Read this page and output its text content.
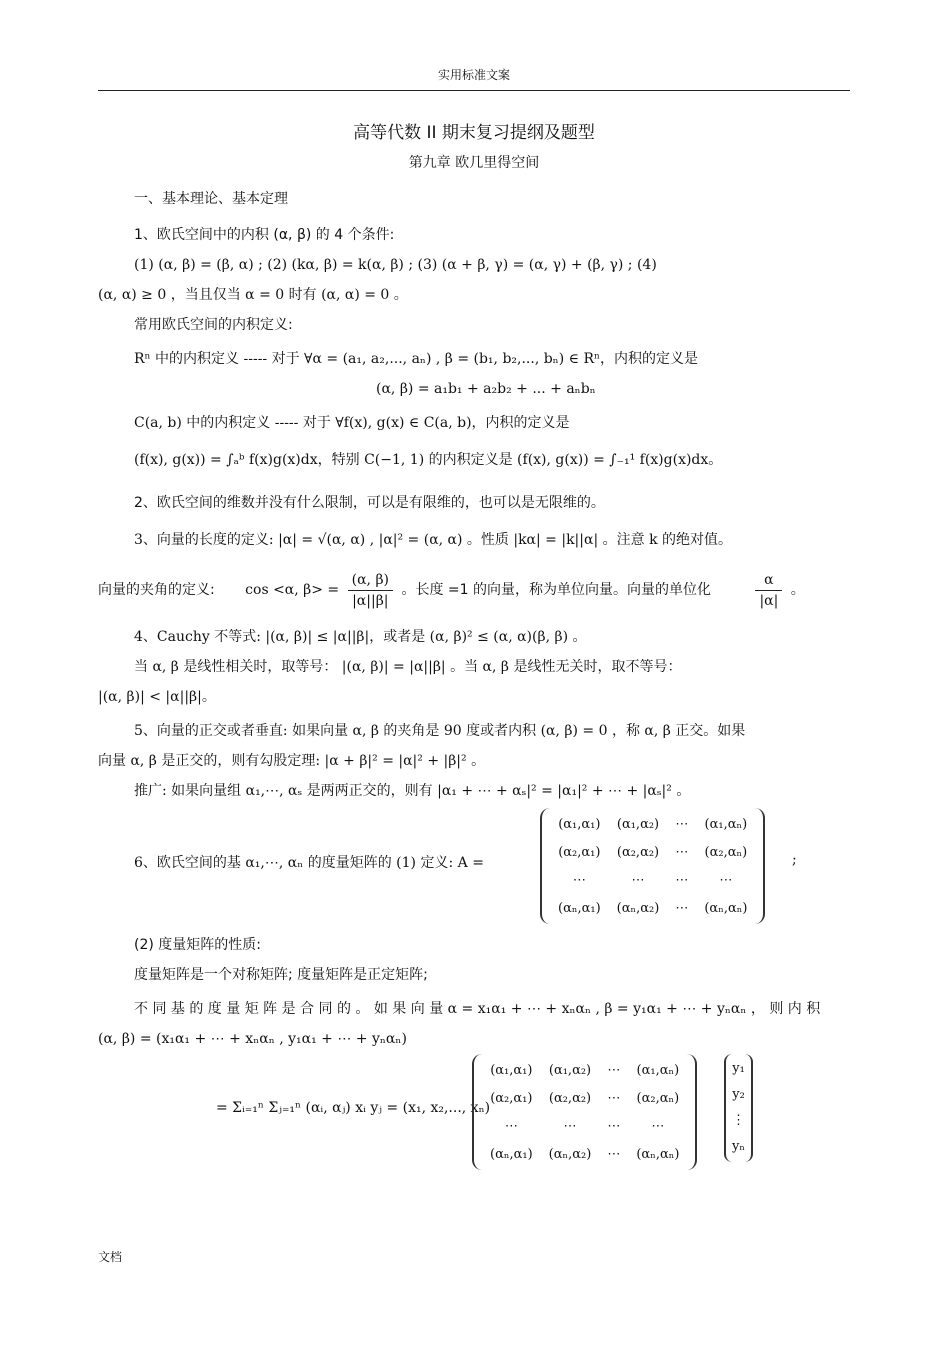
实用标准文案
高等代数 II 期末复习提纲及题型
第九章 欧几里得空间
一、基本理论、基本定理
1、欧氏空间中的内积 (α, β) 的 4 个条件:
(1) (α, β) = (β, α) ; (2) (kα, β) = k(α, β) ; (3) (α + β, γ) = (α, γ) + (β, γ) ; (4)
(α, α) ≥ 0 ，当且仅当 α = 0 时有 (α, α) = 0 。
常用欧氏空间的内积定义:
Rⁿ 中的内积定义 ----- 对于 ∀α = (a₁, a₂,..., aₙ) , β = (b₁, b₂,..., bₙ) ∈ Rⁿ，内积的定义是
(α, β) = a₁b₁ + a₂b₂ + ... + aₙbₙ
C(a, b) 中的内积定义 ----- 对于 ∀f(x), g(x) ∈ C(a, b)，内积的定义是
(f(x), g(x)) = ∫ₐᵇ f(x)g(x)dx，特别 C(−1, 1) 的内积定义是 (f(x), g(x)) = ∫₋₁¹ f(x)g(x)dx。
2、欧氏空间的维数并没有什么限制，可以是有限维的，也可以是无限维的。
3、向量的长度的定义: |α| = √(α, α) , |α|² = (α, α) 。性质 |kα| = |k||α| 。注意 k 的绝对值。
向量的夹角的定义: cos <α, $\beta> = \frac{(\alpha, \beta)}{|\alpha||\beta|}$ 。长度 =1 的向量，称为单位向量。向量的单位化	$\frac{\alpha}{|\alpha|}$ 。
4、Cauchy 不等式: |(α, β)| ≤ |α||β|，或者是 (α, β)² ≤ (α, α)(β, β) 。
当 α, β 是线性相关时，取等号： |(α, β)| = |α||β| 。当 α, β 是线性无关时，取不等号：
|(α, β)| < |α||β|。
5、向量的正交或者垂直: 如果向量 α, β 的夹角是 90 度或者内积 (α, β) = 0 ，称 α, β 正交。如果
向量 α, β 是正交的，则有勾股定理: |α + β|² = |α|² + |β|² 。
推广: 如果向量组 α₁,⋯, αₛ 是两两正交的，则有 |α₁ + ⋯ + αₛ|² = |α₁|² + ⋯ + |αₛ|² 。
6、欧氏空间的基 α₁,⋯, αₙ 的度量矩阵的 (1) 定义: A =
(α₁,α₁)	(α₁,α₂)	⋯	(α₁,αₙ)
(α₂,α₁)	(α₂,α₂)	⋯	(α₂,αₙ)
⋯	⋯	⋯	⋯
(αₙ,α₁)	(αₙ,α₂)	⋯	(αₙ,αₙ)
;
(2) 度量矩阵的性质:
度量矩阵是一个对称矩阵; 度量矩阵是正定矩阵;
不 同 基 的 度 量 矩 阵 是 合 同 的 。 如 果 向 量 α = x₁α₁ + ⋯ + xₙαₙ , β = y₁α₁ + ⋯ + yₙαₙ ， 则 内 积
(α, β) = (x₁α₁ + ⋯ + xₙαₙ , y₁α₁ + ⋯ + yₙαₙ)
= Σᵢ₌₁ⁿ Σⱼ₌₁ⁿ (αᵢ, αⱼ) xᵢ yⱼ = (x₁, x₂,..., xₙ)
(α₁,α₁)	(α₁,α₂)	⋯	(α₁,αₙ)
(α₂,α₁)	(α₂,α₂)	⋯	(α₂,αₙ)
⋯	⋯	⋯	⋯
(αₙ,α₁)	(αₙ,α₂)	⋯	(αₙ,αₙ)
y₁
y₂
⋮
yₙ
文档
